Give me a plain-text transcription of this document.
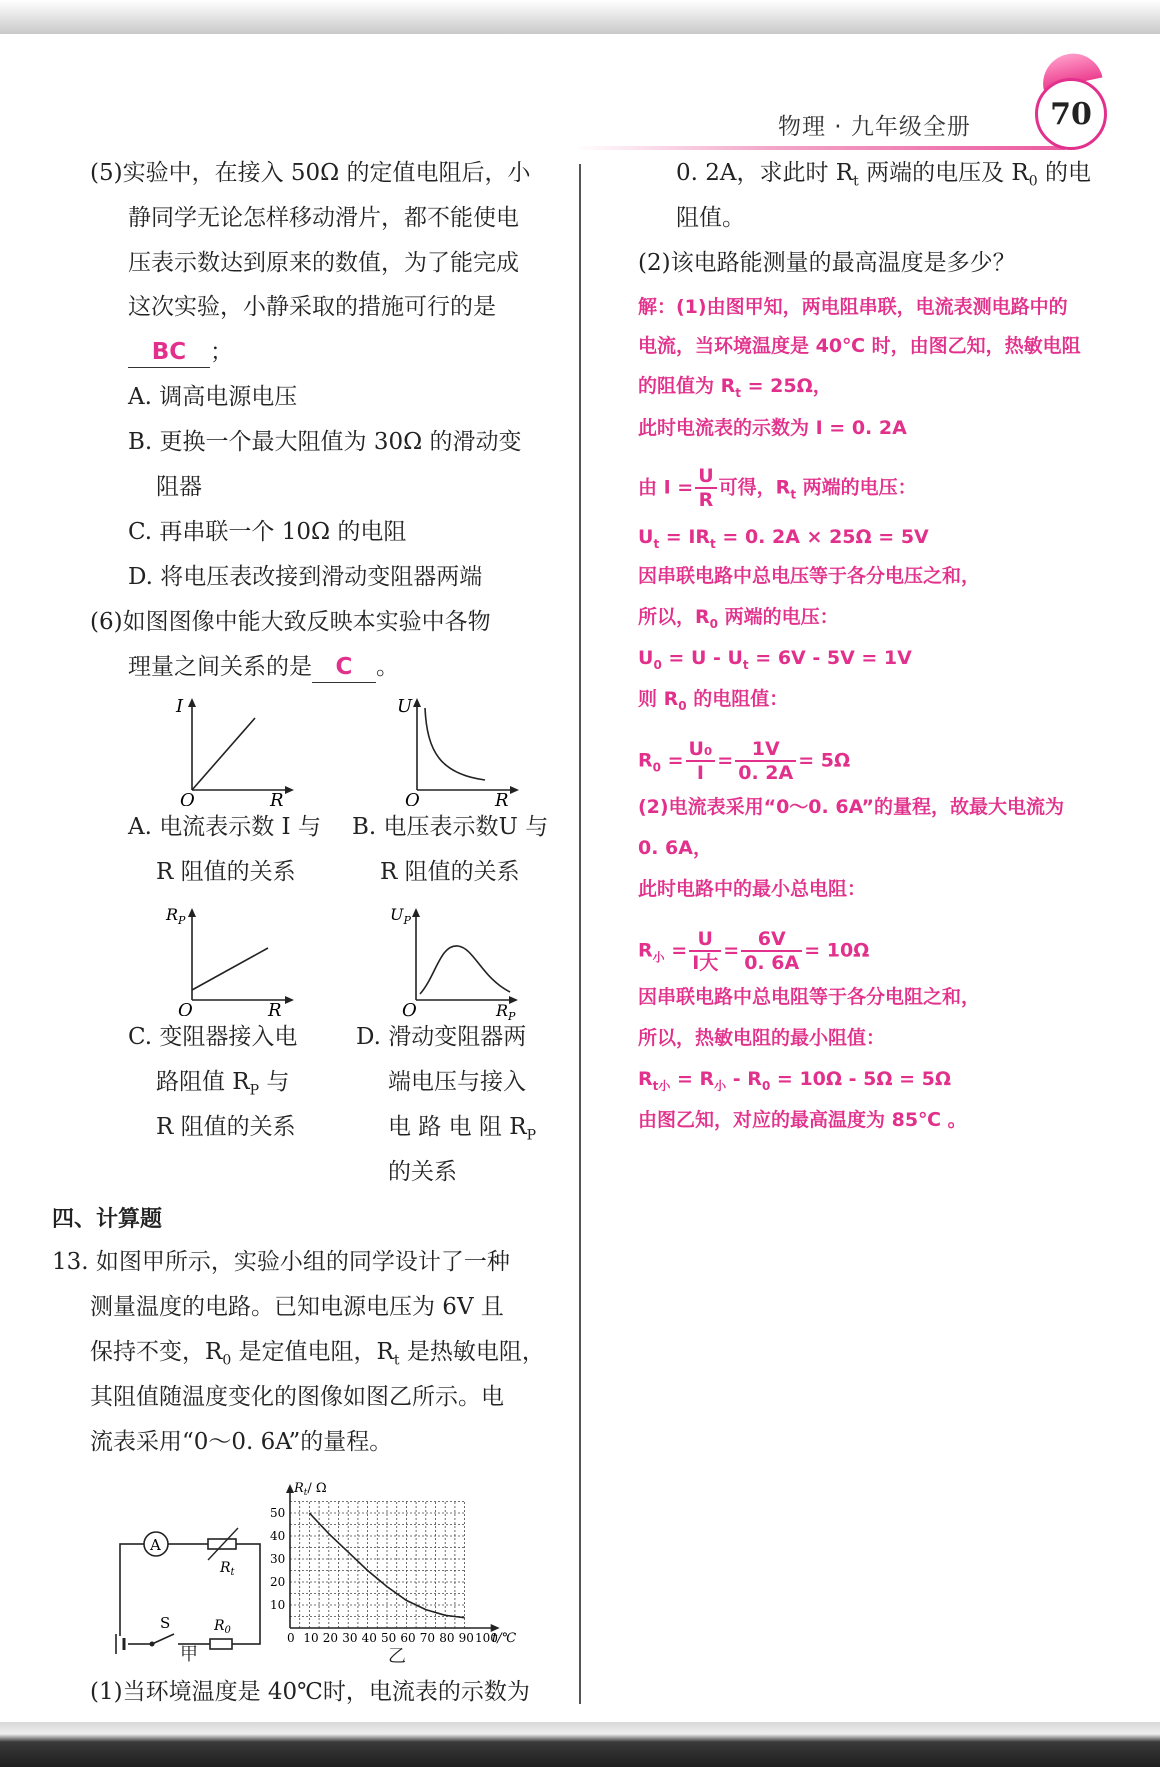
物理 · 九年级全册	70
(5)实验中，在接入 50Ω 的定值电阻后，小
静同学无论怎样移动滑片，都不能使电
压表示数达到原来的数值，为了能完成
这次实验，小静采取的措施可行的是
BC ；
A. 调高电源电压
B. 更换一个最大阻值为 30Ω 的滑动变
阻器
C. 再串联一个 10Ω 的电阻
D. 将电压表改接到滑动变阻器两端
(6)如图图像中能大致反映本实验中各物
理量之间关系的是 C 。
I
O	R
U
O	R
A. 电流表示数 I 与
R 阻值的关系
B. 电压表示数U 与
R 阻值的关系
$R_P$
O	R
$U_P$
O	$R_P$
C. 变阻器接入电
路阻值 $R_P$ 与
R 阻值的关系
D. 滑动变阻器两
端电压与接入
电 路 电 阻 $R_P$
的关系
四、计算题
13. 如图甲所示，实验小组的同学设计了一种
测量温度的电路。已知电源电压为 6V 且
保持不变，$R_0$ 是定值电阻，$R_t$ 是热敏电阻，
其阻值随温度变化的图像如图乙所示。电
流表采用“0～0. 6A”的量程。
A
$R_t$
S	$R_0$
甲
0 10 20 30 40 50 60 70 80 90 100
10
20
30
40
50
$R_t/$ Ω
t/℃
乙
(1)当环境温度是 40℃时，电流表的示数为
0. 2A，求此时 $R_t$ 两端的电压及 $R_0$ 的电
阻值。
(2)该电路能测量的最高温度是多少？
解：(1)由图甲知，两电阻串联，电流表测电路中的
电流，当环境温度是 40℃ 时，由图乙知，热敏电阻
的阻值为 $R_t = 25\Omega$，
此时电流表的示数为 I = 0. 2A
由 $I = \frac{U}{R}$ 可得，$R_t$ 两端的电压：
$U_t = IR_t = 0$. 2A × 25Ω = 5V
因串联电路中总电压等于各分电压之和，
所以，$R_0$ 两端的电压：
$U_0 = U - U_t = 6V - 5V = 1V$
则 $R_0$ 的电阻值：
$R_0 = \frac{\text{U₀}}{I} = \frac{1V}{0. 2A} = 5\Omega$
(2)电流表采用“0～0. 6A”的量程，故最大电流为
0. 6A，
此时电路中的最小总电阻：
$R_小 = \frac{U}{\text{I大}} = \frac{6V}{0. 6A} = 10\Omega$
因串联电路中总电阻等于各分电阻之和，
所以，热敏电阻的最小阻值：
$R_{t小} = R_小 - R_0 = 10\Omega - 5\Omega = 5\Omega$
由图乙知，对应的最高温度为 85℃ 。
